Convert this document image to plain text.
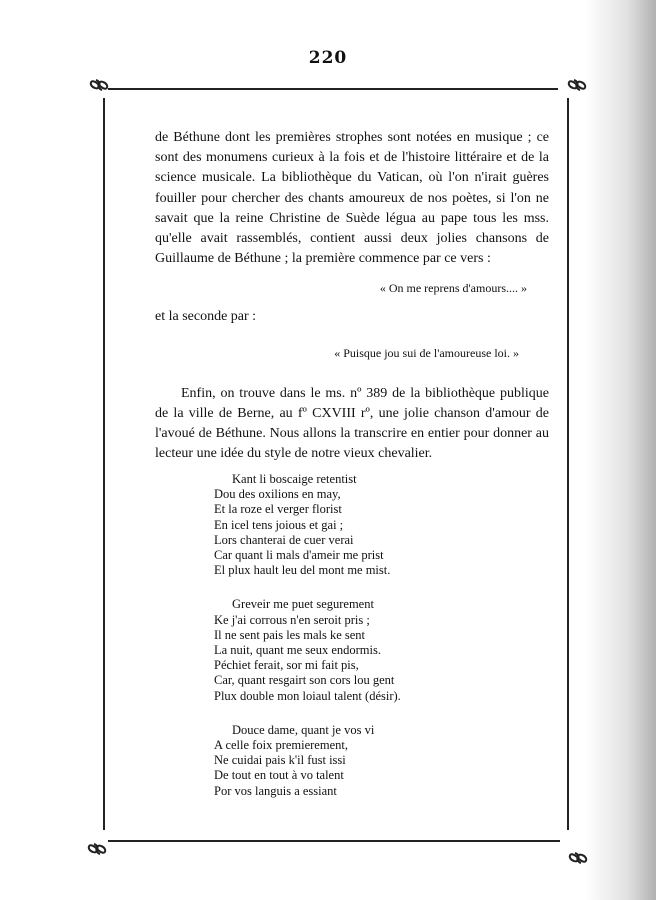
220

de Béthune dont les premières strophes sont notées en musique ; ce sont des monumens curieux à la fois et de l'histoire littéraire et de la science musicale. La bibliothèque du Vatican, où l'on n'irait guères fouiller pour chercher des chants amoureux de nos poètes, si l'on ne savait que la reine Christine de Suède légua au pape tous les mss. qu'elle avait rassemblés, contient aussi deux jolies chansons de Guillaume de Béthune ; la première commence par ce vers :

« On me reprens d'amours.... »

et la seconde par :

« Puisque jou sui de l'amoureuse loi. »

Enfin, on trouve dans le ms. nº 389 de la bibliothèque publique de la ville de Berne, au fº CXVIII rº, une jolie chanson d'amour de l'avoué de Béthune. Nous allons la transcrire en entier pour donner au lecteur une idée du style de notre vieux chevalier.

Kant li boscaige retentist

Dou des oxilions en may,

Et la roze el verger florist

En icel tens joious et gai ;

Lors chanterai de cuer verai

Car quant li mals d'ameir me prist

El plux hault leu del mont me mist.

Greveir me puet segurement

Ke j'ai corrous n'en seroit pris ;

Il ne sent pais les mals ke sent

La nuit, quant me seux endormis.

Péchiet ferait, sor mi fait pis,

Car, quant resgairt son cors lou gent

Plux double mon loiaul talent (désir).

Douce dame, quant je vos vi

A celle foix premierement,

Ne cuidai pais k'il fust issi

De tout en tout à vo talent

Por vos languis a essiant
